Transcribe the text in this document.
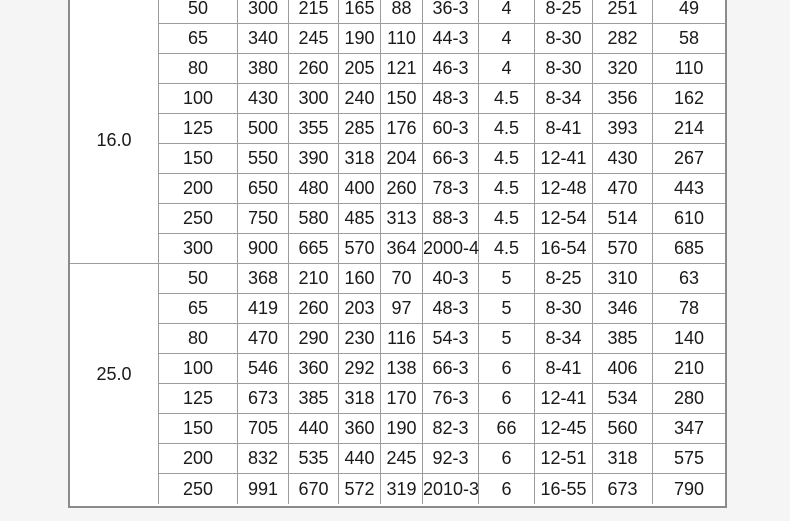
16.0	50	300	215	165	88	36-3	4	8-25	251	49
	65	340	245	190	110	44-3	4	8-30	282	58
	80	380	260	205	121	46-3	4	8-30	320	110
	100	430	300	240	150	48-3	4.5	8-34	356	162
	125	500	355	285	176	60-3	4.5	8-41	393	214
	150	550	390	318	204	66-3	4.5	12-41	430	267
	200	650	480	400	260	78-3	4.5	12-48	470	443
	250	750	580	485	313	88-3	4.5	12-54	514	610
	300	900	665	570	364	2000-4	4.5	16-54	570	685
25.0	50	368	210	160	70	40-3	5	8-25	310	63
	65	419	260	203	97	48-3	5	8-30	346	78
	80	470	290	230	116	54-3	5	8-34	385	140
	100	546	360	292	138	66-3	6	8-41	406	210
	125	673	385	318	170	76-3	6	12-41	534	280
	150	705	440	360	190	82-3	66	12-45	560	347
	200	832	535	440	245	92-3	6	12-51	318	575
	250	991	670	572	319	2010-3	6	16-55	673	790
